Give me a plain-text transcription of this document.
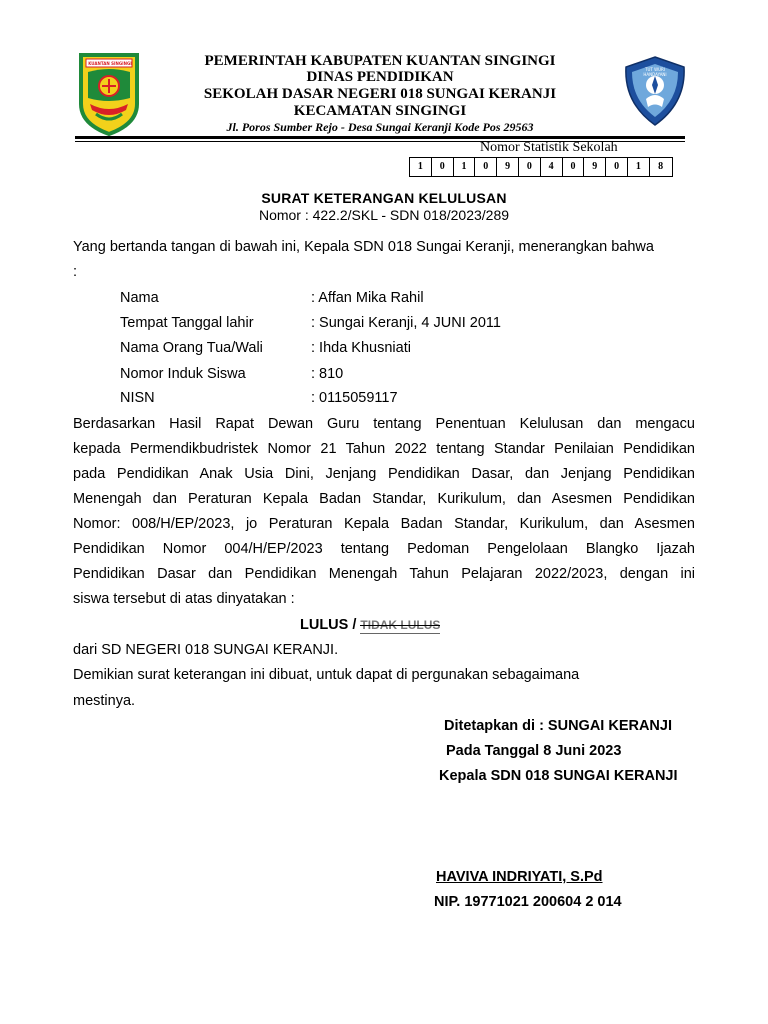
KUANTAN SINGINGI
TUT WURI HANDAYANI
PEMERINTAH KABUPATEN KUANTAN SINGINGI
DINAS PENDIDIKAN
SEKOLAH DASAR NEGERI 018 SUNGAI KERANJI
KECAMATAN SINGINGI
Jl. Poros Sumber Rejo - Desa Sungai Keranji Kode Pos 29563
Nomor Statistik Sekolah
1	0	1	0	9	0	4	0	9	0	1	8
SURAT KETERANGAN KELULUSAN
Nomor : 422.2/SKL - SDN 018/2023/289
Yang bertanda tangan di bawah ini, Kepala SDN 018 Sungai Keranji, menerangkan bahwa
:
Nama	: Affan Mika Rahil
Tempat Tanggal lahir	: Sungai Keranji, 4 JUNI 2011
Nama Orang Tua/Wali	: Ihda Khusniati
Nomor Induk Siswa	: 810
NISN	: 0115059117
Berdasarkan Hasil Rapat Dewan Guru tentang Penentuan Kelulusan dan mengacu
kepada Permendikbudristek Nomor 21 Tahun 2022 tentang Standar Penilaian Pendidikan
pada Pendidikan Anak Usia Dini, Jenjang Pendidikan Dasar, dan Jenjang Pendidikan
Menengah dan Peraturan Kepala Badan Standar, Kurikulum, dan Asesmen Pendidikan
Nomor: 008/H/EP/2023, jo Peraturan Kepala Badan Standar, Kurikulum, dan Asesmen
Pendidikan Nomor 004/H/EP/2023 tentang Pedoman Pengelolaan Blangko Ijazah
Pendidikan Dasar dan Pendidikan Menengah Tahun Pelajaran 2022/2023, dengan ini
siswa tersebut di atas dinyatakan :
LULUS / TIDAK LULUS
dari SD NEGERI 018 SUNGAI KERANJI.
Demikian surat keterangan ini dibuat, untuk dapat di pergunakan sebagaimana
mestinya.
Ditetapkan di : SUNGAI KERANJI
Pada Tanggal 8 Juni 2023
Kepala SDN 018 SUNGAI KERANJI
HAVIVA INDRIYATI, S.Pd
NIP. 19771021 200604 2 014
